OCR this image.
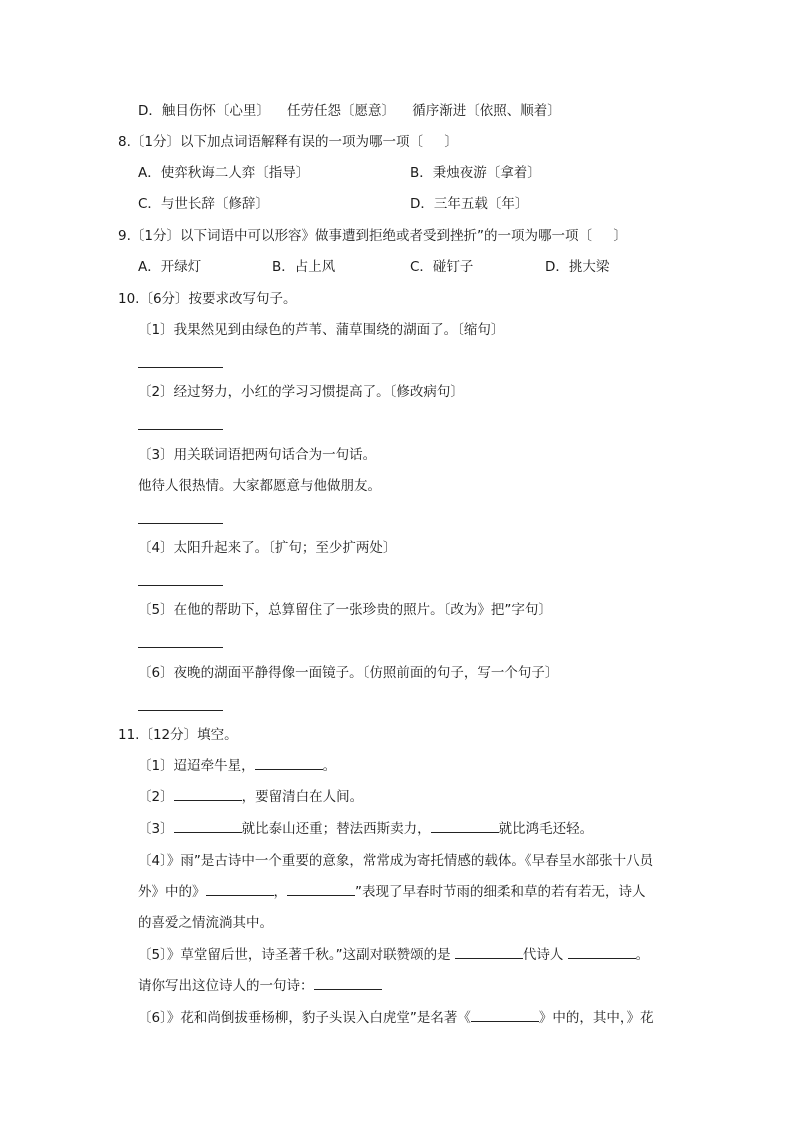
D．触目伤怀〔心里〕    任劳任怨〔愿意〕    循序渐进〔依照、顺着〕
8.〔1分〕以下加点词语解释有误的一项为哪一项〔     〕
A．使弈秋诲二人弈〔指导〕	B．秉烛夜游〔拿着〕
C．与世长辞〔修辞〕	D．三年五载〔年〕
9.〔1分〕以下词语中可以形容》做事遭到拒绝或者受到挫折”的一项为哪一项〔     〕
A．开绿灯	B．占上风	C．碰钉子	D．挑大梁
10.〔6分〕按要求改写句子。
〔1〕我果然见到由绿色的芦苇、蒲草围绕的湖面了。〔缩句〕
〔2〕经过努力，小红的学习习惯提高了。〔修改病句〕
〔3〕用关联词语把两句话合为一句话。
他待人很热情。大家都愿意与他做朋友。
〔4〕太阳升起来了。〔扩句；至少扩两处〕
〔5〕在他的帮助下，总算留住了一张珍贵的照片。〔改为》把”字句〕
〔6〕夜晚的湖面平静得像一面镜子。〔仿照前面的句子，写一个句子〕
11.〔12分〕填空。
〔1〕迢迢牵牛星，	。
〔2〕	，要留清白在人间。
〔3〕	就比泰山还重；替法西斯卖力，	就比鸿毛还轻。
〔4〕》雨”是古诗中一个重要的意象，常常成为寄托情感的载体。《早春呈水部张十八员
外》中的》	，	”表现了早春时节雨的细柔和草的若有若无，诗人
的喜爱之情流淌其中。
〔5〕》草堂留后世，诗圣著千秋。”这副对联赞颂的是	代诗人	。
请你写出这位诗人的一句诗：
〔6〕》花和尚倒拔垂杨柳，豹子头误入白虎堂”是名著《	》中的，其中，》花
